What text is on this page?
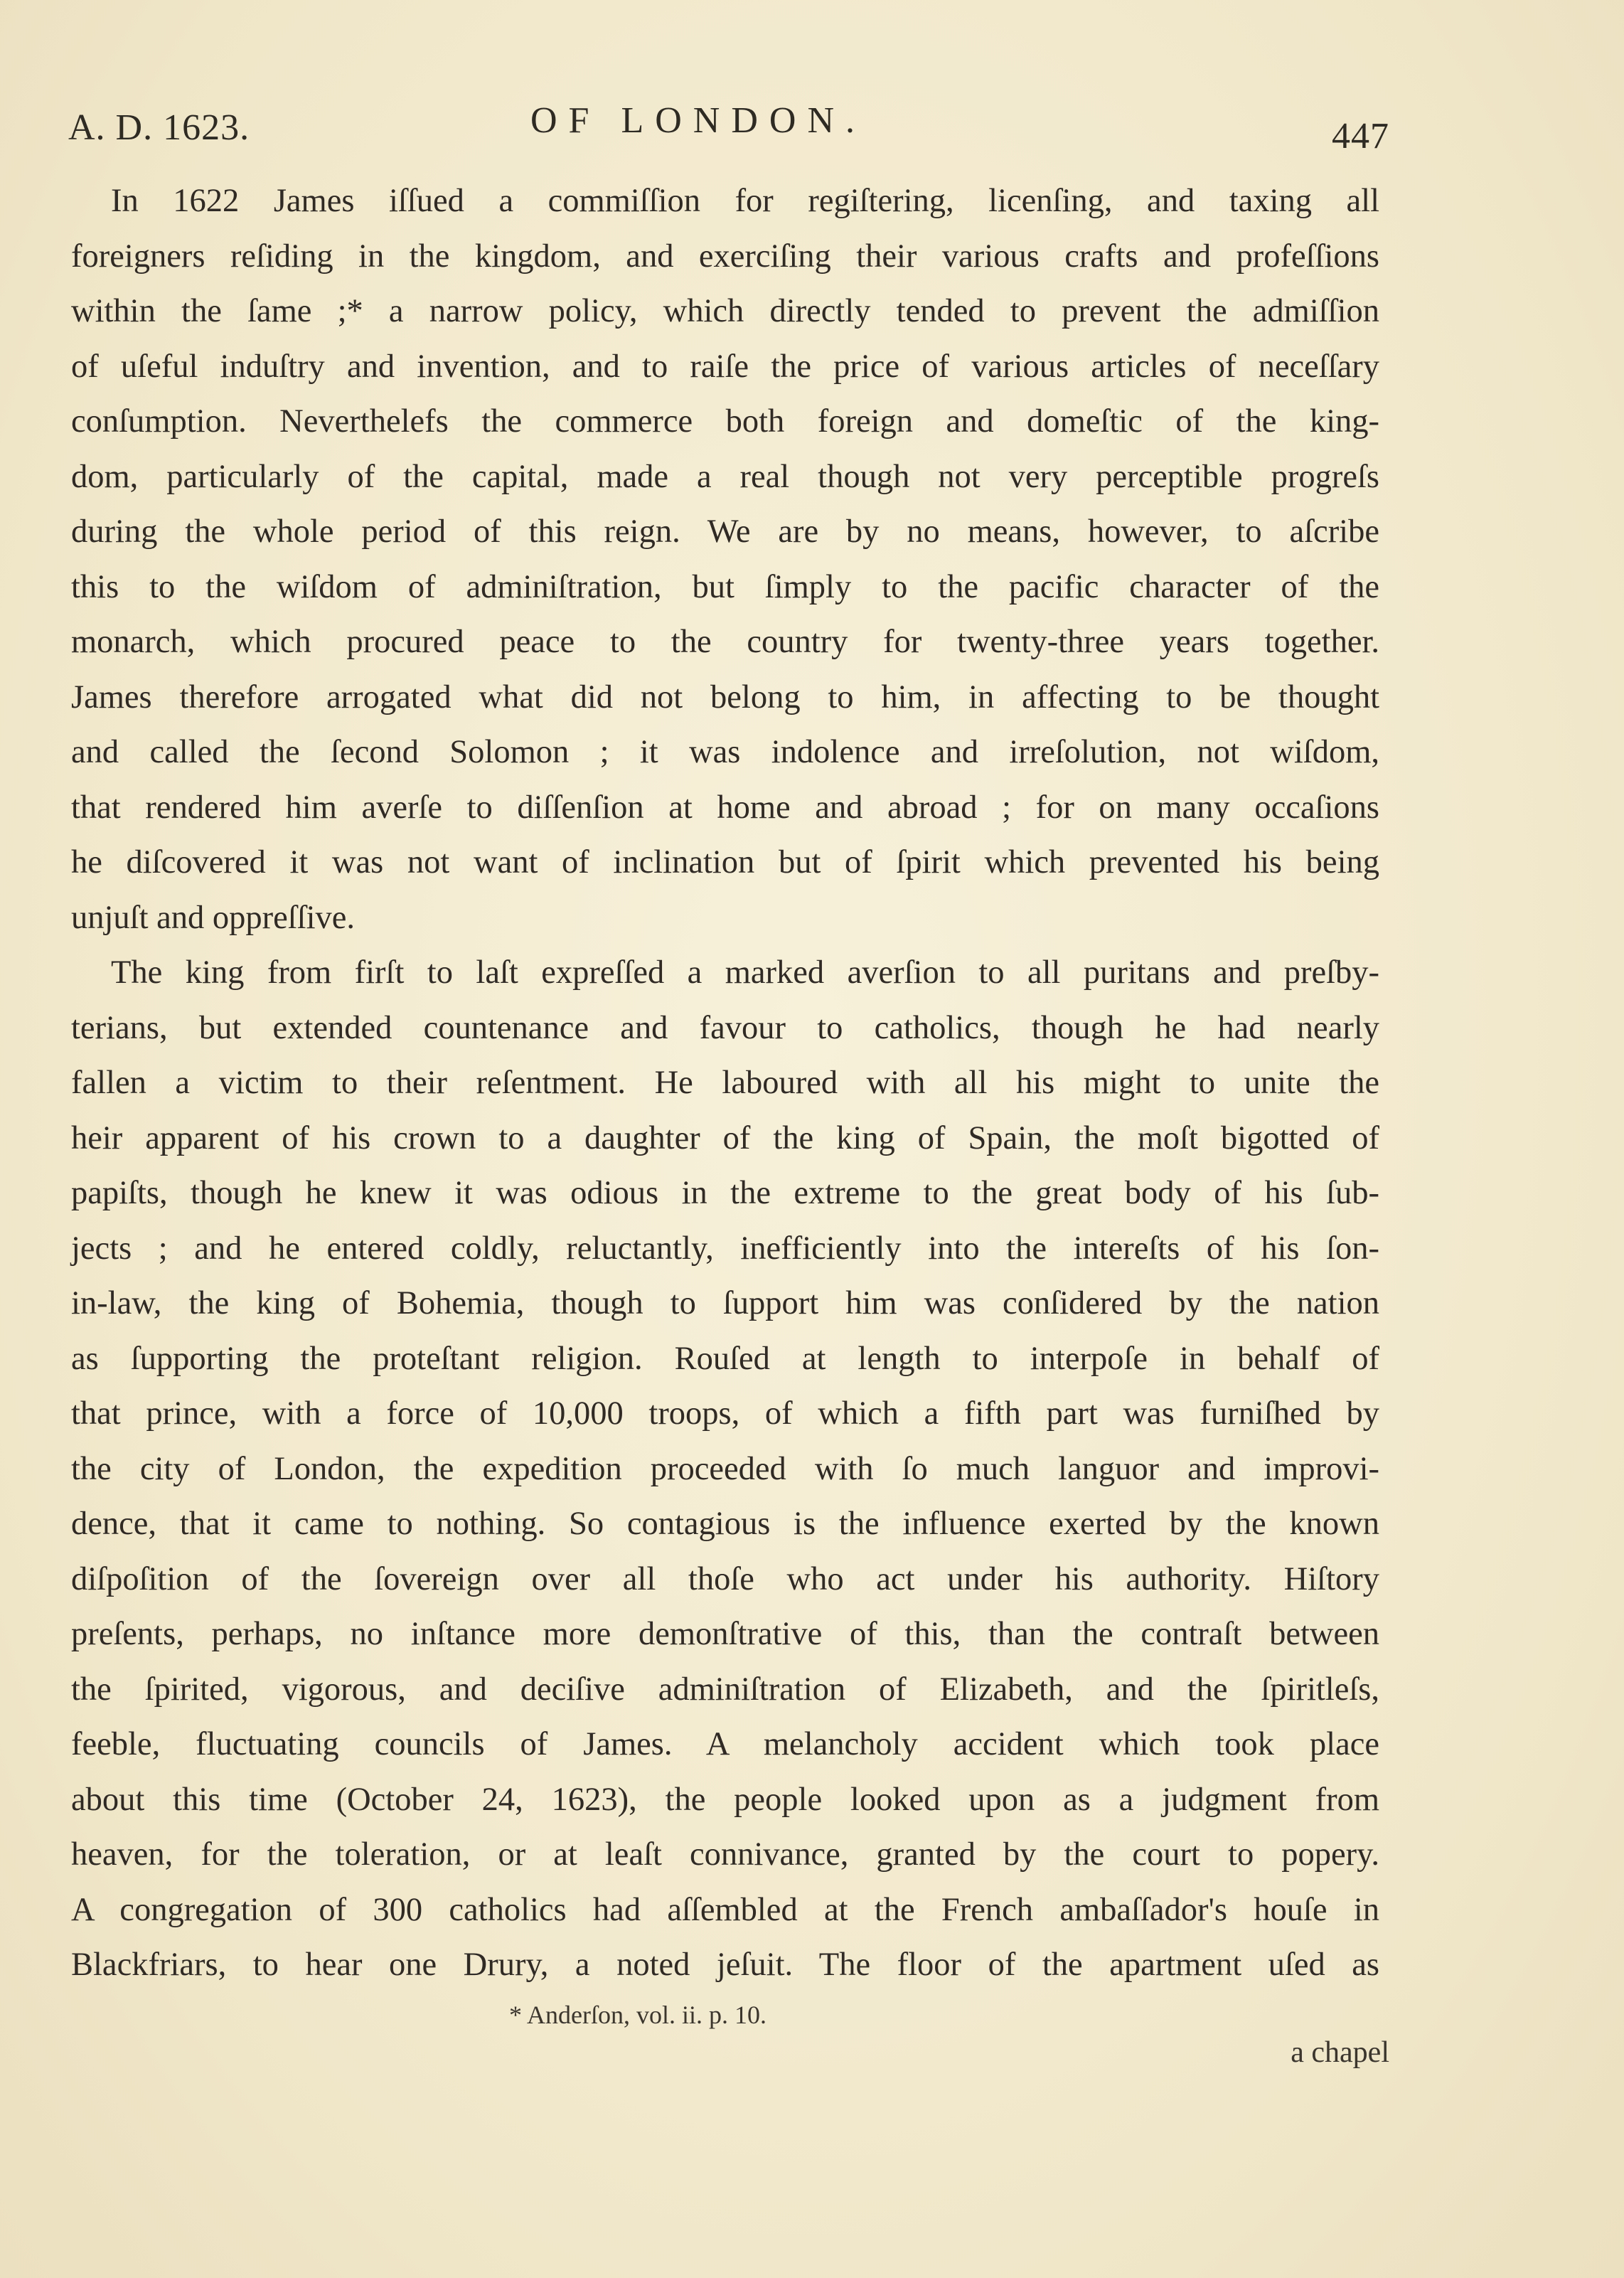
A. D. 1623.	OF LONDON.	447

In 1622 James iſſued a commiſſion for regiſtering, licenſing, and taxing all
foreigners reſiding in the kingdom, and exerciſing their various crafts and profeſſions
within the ſame ;* a narrow policy, which directly tended to prevent the admiſſion
of uſeful induſtry and invention, and to raiſe the price of various articles of neceſſary
conſumption. Neverthelefs the commerce both foreign and domeſtic of the king-
dom, particularly of the capital, made a real though not very perceptible progreſs
during the whole period of this reign. We are by no means, however, to aſcribe
this to the wiſdom of adminiſtration, but ſimply to the pacific character of the
monarch, which procured peace to the country for twenty-three years together.
James therefore arrogated what did not belong to him, in affecting to be thought
and called the ſecond Solomon ; it was indolence and irreſolution, not wiſdom,
that rendered him averſe to diſſenſion at home and abroad ; for on many occaſions
he diſcovered it was not want of inclination but of ſpirit which prevented his being
unjuſt and oppreſſive.

The king from firſt to laſt expreſſed a marked averſion to all puritans and preſby-
terians, but extended countenance and favour to catholics, though he had nearly
fallen a victim to their reſentment. He laboured with all his might to unite the
heir apparent of his crown to a daughter of the king of Spain, the moſt bigotted of
papiſts, though he knew it was odious in the extreme to the great body of his ſub-
jects ; and he entered coldly, reluctantly, inefficiently into the intereſts of his ſon-
in-law, the king of Bohemia, though to ſupport him was conſidered by the nation
as ſupporting the proteſtant religion. Rouſed at length to interpoſe in behalf of
that prince, with a force of 10,000 troops, of which a fifth part was furniſhed by
the city of London, the expedition proceeded with ſo much languor and improvi-
dence, that it came to nothing. So contagious is the influence exerted by the known
diſpoſition of the ſovereign over all thoſe who act under his authority. Hiſtory
preſents, perhaps, no inſtance more demonſtrative of this, than the contraſt between
the ſpirited, vigorous, and deciſive adminiſtration of Elizabeth, and the ſpiritleſs,
feeble, fluctuating councils of James. A melancholy accident which took place
about this time (October 24, 1623), the people looked upon as a judgment from
heaven, for the toleration, or at leaſt connivance, granted by the court to popery.
A congregation of 300 catholics had aſſembled at the French ambaſſador's houſe in
Blackfriars, to hear one Drury, a noted jeſuit. The floor of the apartment uſed as

* Anderſon, vol. ii. p. 10.
a chapel
